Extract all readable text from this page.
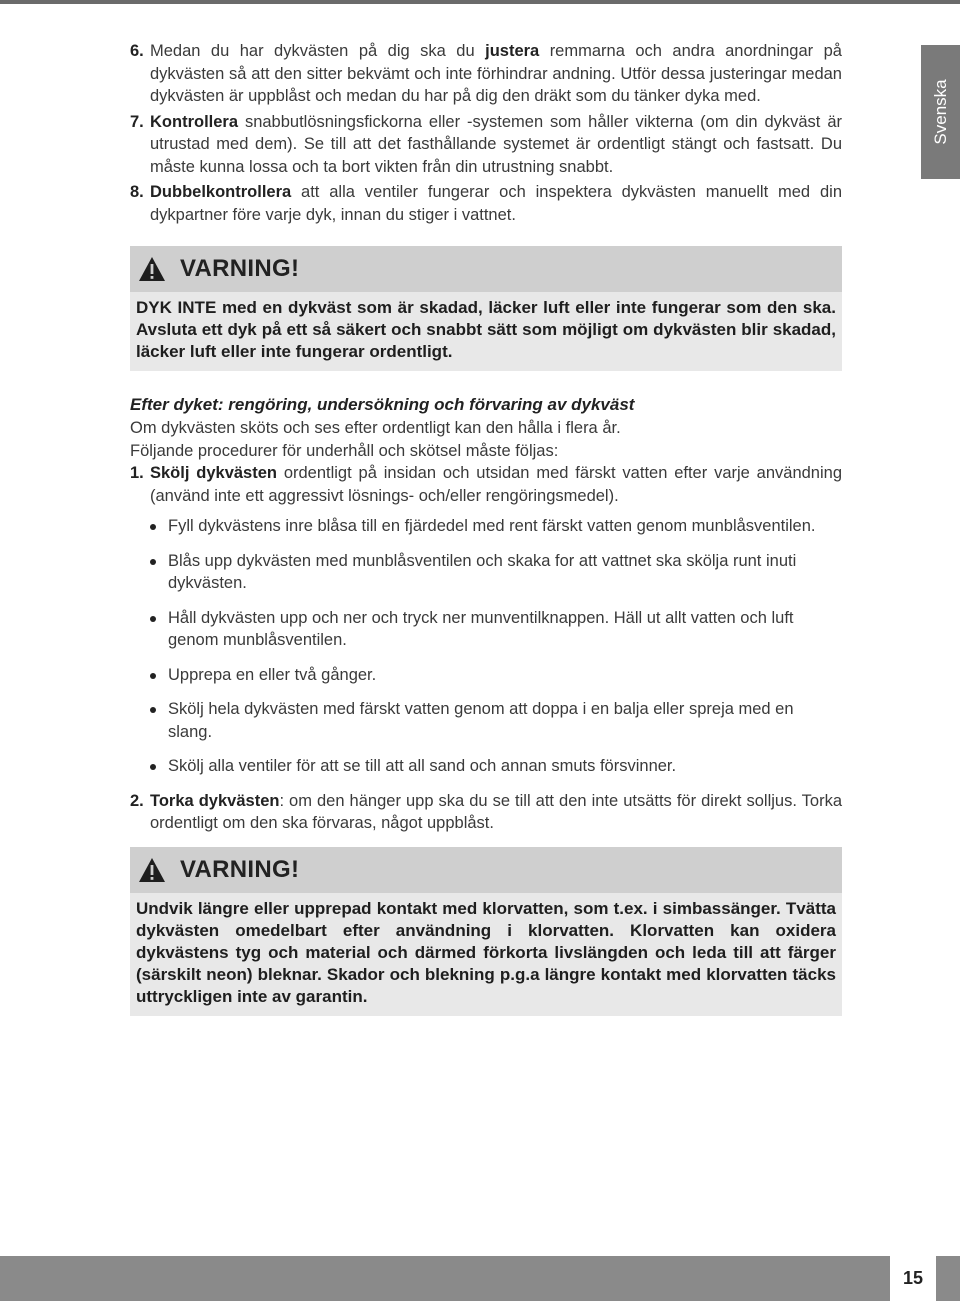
Svenska
6. Medan du har dykvästen på dig ska du justera remmarna och andra anordningar på dykvästen så att den sitter bekvämt och inte förhindrar andning. Utför dessa justeringar medan dykvästen är uppblåst och medan du har på dig den dräkt som du tänker dyka med.
7. Kontrollera snabbutlösningsfickorna eller -systemen som håller vikterna (om din dykväst är utrustad med dem). Se till att det fasthållande systemet är ordentligt stängt och fastsatt. Du måste kunna lossa och ta bort vikten från din utrustning snabbt.
8. Dubbelkontrollera att alla ventiler fungerar och inspektera dykvästen manuellt med din dykpartner före varje dyk, innan du stiger i vattnet.
VARNING!
DYK INTE med en dykväst som är skadad, läcker luft eller inte fungerar som den ska. Avsluta ett dyk på ett så säkert och snabbt sätt som möjligt om dykvästen blir skadad, läcker luft eller inte fungerar ordentligt.
Efter dyket: rengöring, undersökning och förvaring av dykväst

Om dykvästen sköts och ses efter ordentligt kan den hålla i flera år.

Följande procedurer för underhåll och skötsel måste följas:

1. Skölj dykvästen ordentligt på insidan och utsidan med färskt vatten efter varje användning (använd inte ett aggressivt lösnings- och/eller rengöringsmedel).
Fyll dykvästens inre blåsa till en fjärdedel med rent färskt vatten genom munblåsventilen.
Blås upp dykvästen med munblåsventilen och skaka for att vattnet ska skölja runt inuti dykvästen.
Håll dykvästen upp och ner och tryck ner munventilknappen. Häll ut allt vatten och luft genom munblåsventilen.
Upprepa en eller två gånger.
Skölj hela dykvästen med färskt vatten genom att doppa i en balja eller spreja med en slang.
Skölj alla ventiler för att se till att all sand och annan smuts försvinner.
2. Torka dykvästen: om den hänger upp ska du se till att den inte utsätts för direkt solljus. Torka ordentligt om den ska förvaras, något uppblåst.
VARNING!
Undvik längre eller upprepad kontakt med klorvatten, som t.ex. i simbassänger. Tvätta dykvästen omedelbart efter användning i klorvatten. Klorvatten kan oxidera dykvästens tyg och material och därmed förkorta livslängden och leda till att färger (särskilt neon) bleknar. Skador och blekning p.g.a längre kontakt med klorvatten täcks uttryckligen inte av garantin.
15
